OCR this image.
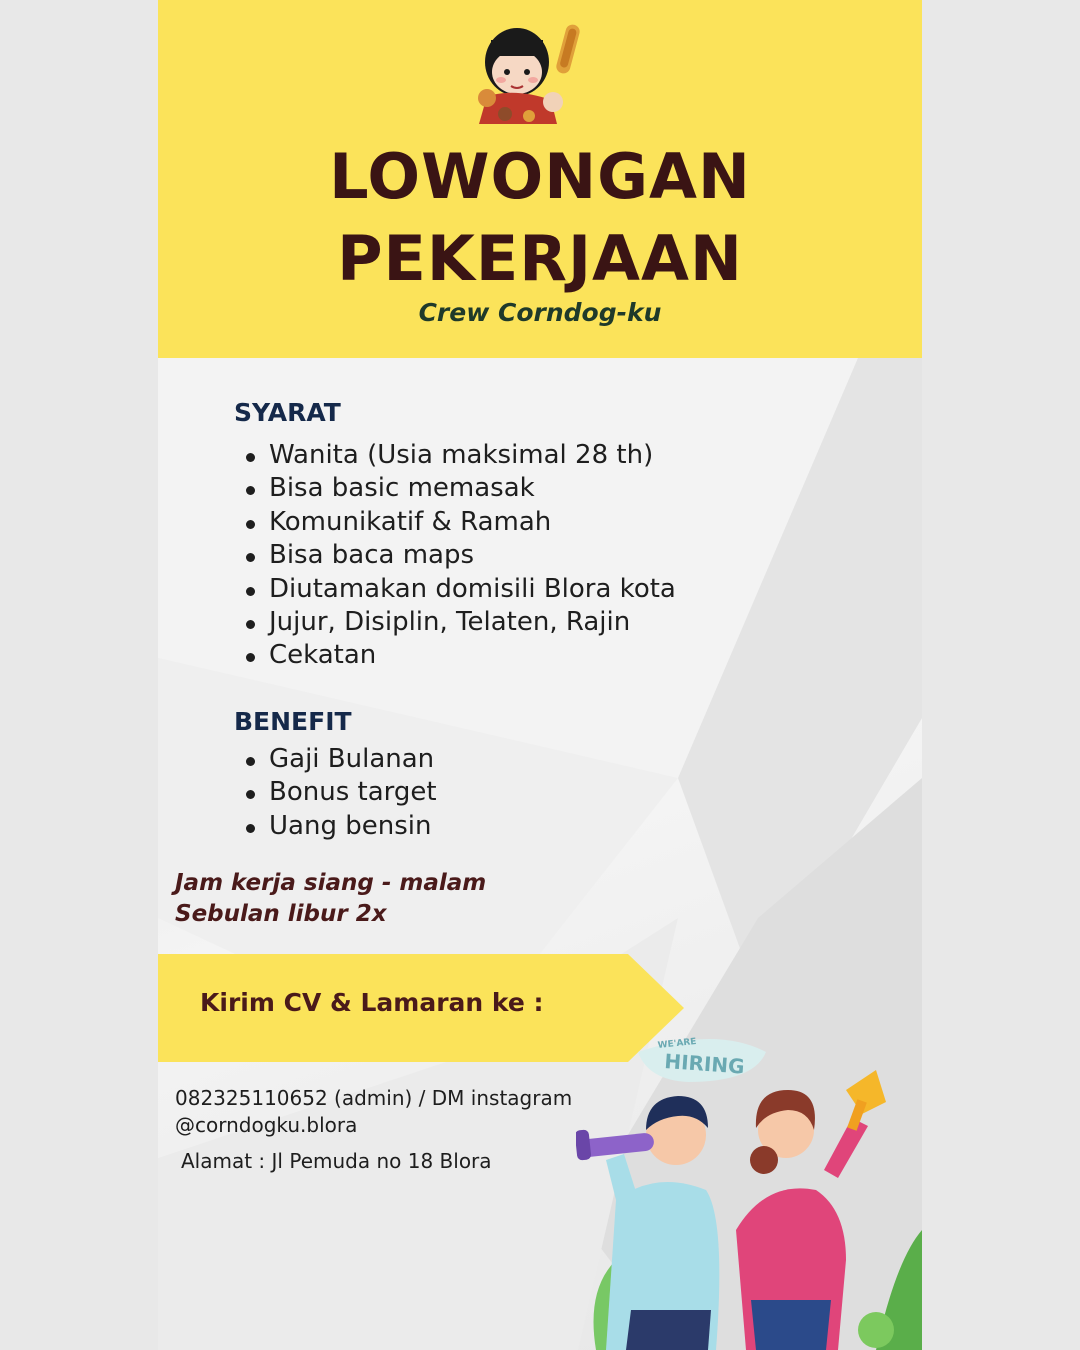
LOWONGAN
PEKERJAAN

Crew Corndog-ku

SYARAT
Wanita (Usia maksimal 28 th)
Bisa basic memasak
Komunikatif & Ramah
Bisa baca maps
Diutamakan domisili Blora kota
Jujur, Disiplin, Telaten, Rajin
Cekatan
BENEFIT
Gaji Bulanan
Bonus target
Uang bensin

Jam kerja siang - malam

Sebulan libur 2x

Kirim CV & Lamaran ke :

082325110652 (admin) / DM instagram

@corndogku.blora

Alamat : Jl Pemuda no 18 Blora

WE'ARE
HIRING
